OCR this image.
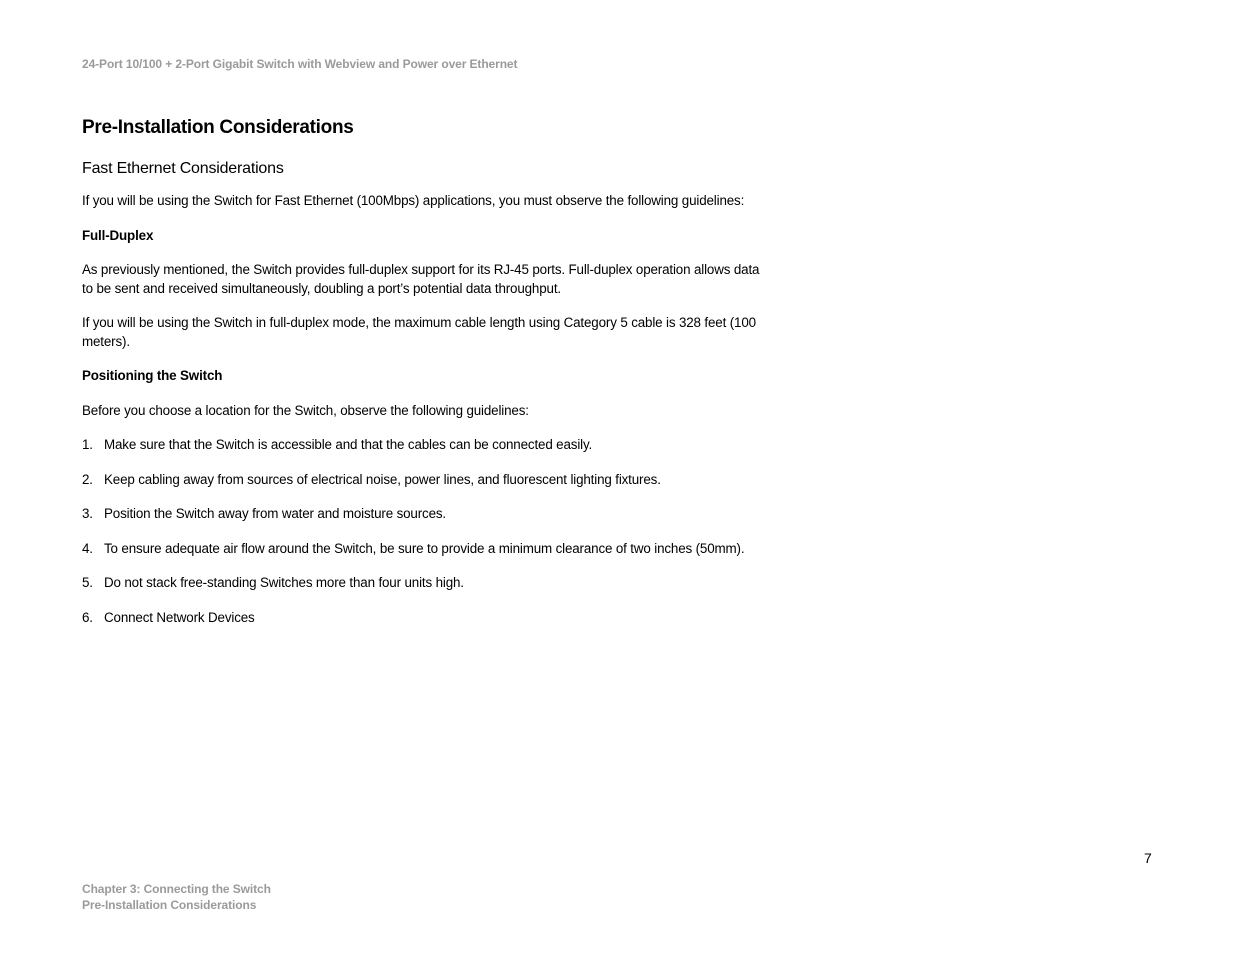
24-Port 10/100 + 2-Port Gigabit Switch with Webview and Power over Ethernet
Pre-Installation Considerations
Fast Ethernet Considerations

If you will be using the Switch for Fast Ethernet (100Mbps) applications, you must observe the following guidelines:

Full-Duplex

As previously mentioned, the Switch provides full-duplex support for its RJ-45 ports. Full-duplex operation allows data to be sent and received simultaneously, doubling a port’s potential data throughput.

If you will be using the Switch in full-duplex mode, the maximum cable length using Category 5 cable is 328 feet (100 meters).

Positioning the Switch

Before you choose a location for the Switch, observe the following guidelines:

1. Make sure that the Switch is accessible and that the cables can be connected easily.
2. Keep cabling away from sources of electrical noise, power lines, and fluorescent lighting fixtures.
3. Position the Switch away from water and moisture sources.
4. To ensure adequate air flow around the Switch, be sure to provide a minimum clearance of two inches (50mm).
5. Do not stack free-standing Switches more than four units high.
6. Connect Network Devices
7
Chapter 3: Connecting the Switch
Pre-Installation Considerations
